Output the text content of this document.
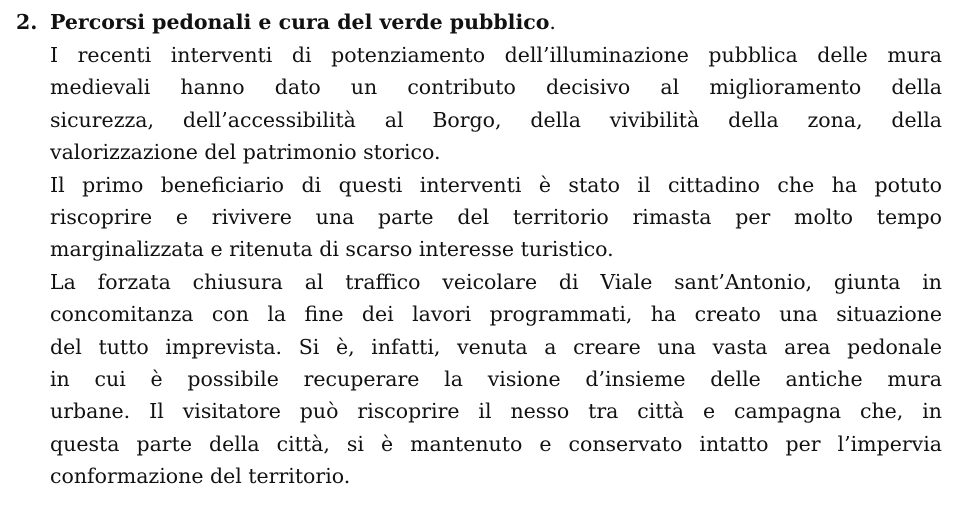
2. Percorsi pedonali e cura del verde pubblico.
I recenti interventi di potenziamento dell’illuminazione pubblica delle mura
medievali hanno dato un contributo decisivo al miglioramento della
sicurezza, dell’accessibilità al Borgo, della vivibilità della zona, della
valorizzazione del patrimonio storico.
Il primo beneficiario di questi interventi è stato il cittadino che ha potuto
riscoprire e rivivere una parte del territorio rimasta per molto tempo
marginalizzata e ritenuta di scarso interesse turistico.
La forzata chiusura al traffico veicolare di Viale sant’Antonio, giunta in
concomitanza con la fine dei lavori programmati, ha creato una situazione
del tutto imprevista. Si è, infatti, venuta a creare una vasta area pedonale
in cui è possibile recuperare la visione d’insieme delle antiche mura
urbane. Il visitatore può riscoprire il nesso tra città e campagna che, in
questa parte della città, si è mantenuto e conservato intatto per l’impervia
conformazione del territorio.
